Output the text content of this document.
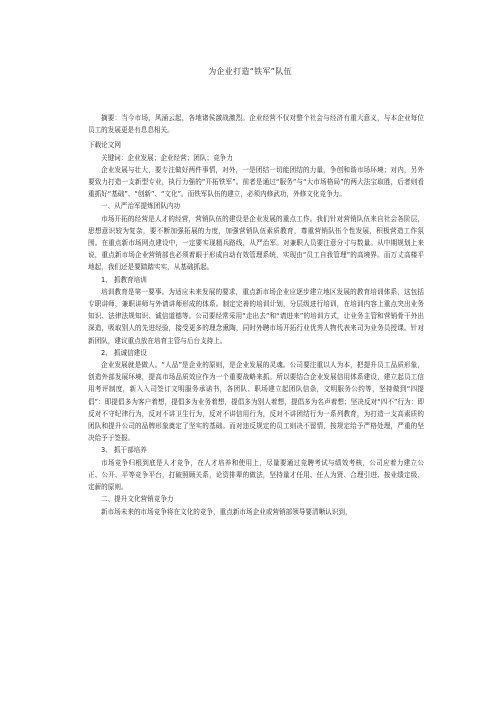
为企业打造“铁军”队伍

摘要：当今市场，风涌云起，各地诸侯激战激烈。企业经营不仅对整个社会与经济有重大意义，与本企业每位员工的发展更是有息息相关。

下载论文网

关键词：企业发展；企业经营；团队；竞争力

企业发展与壮大，要专注做好两件事情，对外，一是团结一切能团结的力量，争创和谐市场环境；对内，另外要致力打造一支新型专业，执行力强的“开拓铁军”。前者是通过“服务”与“大市场格局”的两大法宝取胜，后者则看重抓好“基础”、“创新”、“文化”。而铁军队伍的建立，必须内修武功，外修文化竞争力。

一、从严治军提炼团队内功

市场开拓的经营是人才的经营，营销队伍的建设是企业发展的重点工作。我们针对营销队伍来自社会各阶层，思想意识较为复杂，要不断加强拓展的力度，加强营销队伍素质教育，尊重营销队伍个性发展，积极营造工作氛围。在重点新市场网点建设中，一定要实现精兵路线，从严治军。对兼职人员要注意分寸与数量。从中期规划上来说，重点新市场企业营销部也必须着眼于形成自动有效管理系统，实现由“员工自我管理”的高境界。而万丈高楼平地起，我们还是要踏踏实实，从基础抓起。

1、 抓教育培训

培训教育是第一要事。为适应未来发展的要求，重点新市场企业应逐步建立地区发展的教育培训体系，这包括专职讲师，兼职讲师与外请讲师形成的体系。制定完善的培训计划，分层级进行培训，在培训内容上重点突出业务知识、法律法规知识、诚信道德等。公司要经常采用“走出去”和“请进来”的培训方式，让业务主管和营销骨干外出深造，吸取别人的先进经验，接受更多的理念熏陶，同时外聘市场开拓行业优秀人物代表来司为业务员授课。针对新团队，建议重点放在培育主管与后台支持上。

2、 抓诚信建设

企业发展就是做人。“人品”是企业的原则，是企业发展的灵魂。公司要注重以人为本，把提升员工品质形象，创造外部发展环境，提高市场品质效应作为一个重要战略来抓。所以要结合企业发展信用体系建设，建立起员工信用考评制度，新入入司签订文明服务承诺书，各团队、职场建立起团队信条，文明服务公约等，坚持做到“四提倡”：即提倡多为客户着想，提倡多为业务着想，提倡多为别人着想，提倡多为名声着想；坚决反对“四不”行为：即反对不守纪律行为，反对不讲卫生行为，反对不讲信用行为，反对不讲团结行为一系列教育，为打造一支高素质的团队和提升公司的品牌形象奠定了坚实的基础。而对违反规定的员工则决不留情，按规定给予严格处理，严重的坚决给予于签报。

3、 抓干部培养

市场竞争归根到底是人才竞争，在人才培养和使用上，尽量要通过竞聘考试与绩效考核，公司应着力建立公正、公开、平等竞争平台，打破照顾关系，论资排辈的做法，坚持量才任用、任人为贤、合理引进、按业绩定级、定薪的原则。

二、提升文化营销竞争力

新市场未来的市场竞争将在文化的竞争，重点新市场企业或营销部领导要清晰认识到，
